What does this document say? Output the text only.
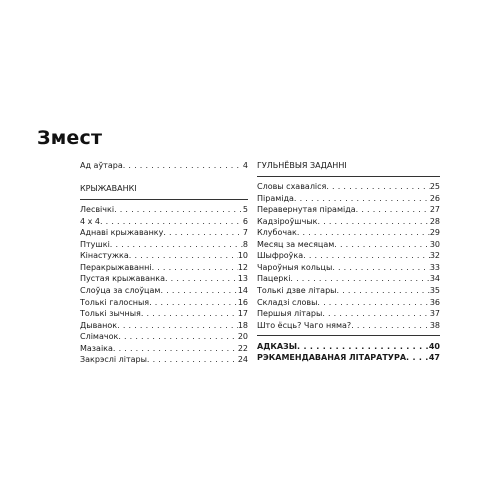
Змест
Ад аўтара . . .	4
КРЫЖАВАНКІ
Лесвічкі . . .	5
4 x 4 . . .	6
Аднаві крыжаванку . . .	7
Птушкі . . .	8
Кінастужка . . .	10
Перакрыжаванні . . .	12
Пустая крыжаванка . . .	13
Слоўца за слоўцам . . .	14
Толькі галосныя . . .	16
Толькі зычныя . . .	17
Дыванок . . .	18
Слімачок . . .	20
Мазаіка . . .	22
Закрэслі літары . . .	24
ГУЛЬНЁВЫЯ ЗАДАННІ
Словы схаваліся . . .	25
Піраміда . . .	26
Перавернутая піраміда . . .	27
Кадзіроўшчык . . .	28
Клубочак . . .	29
Месяц за месяцам . . .	30
Шыфроўка . . .	32
Чароўныя кольцы . . .	33
Пацеркі . . .	34
Толькі дзве літары . . .	35
Складзі словы . . .	36
Першыя літары . . .	37
Што ёсць? Чаго няма? . . .	38
АДКАЗЫ . . .	40
РЭКАМЕНДАВАНАЯ ЛІТАРАТУРА . . .	47
